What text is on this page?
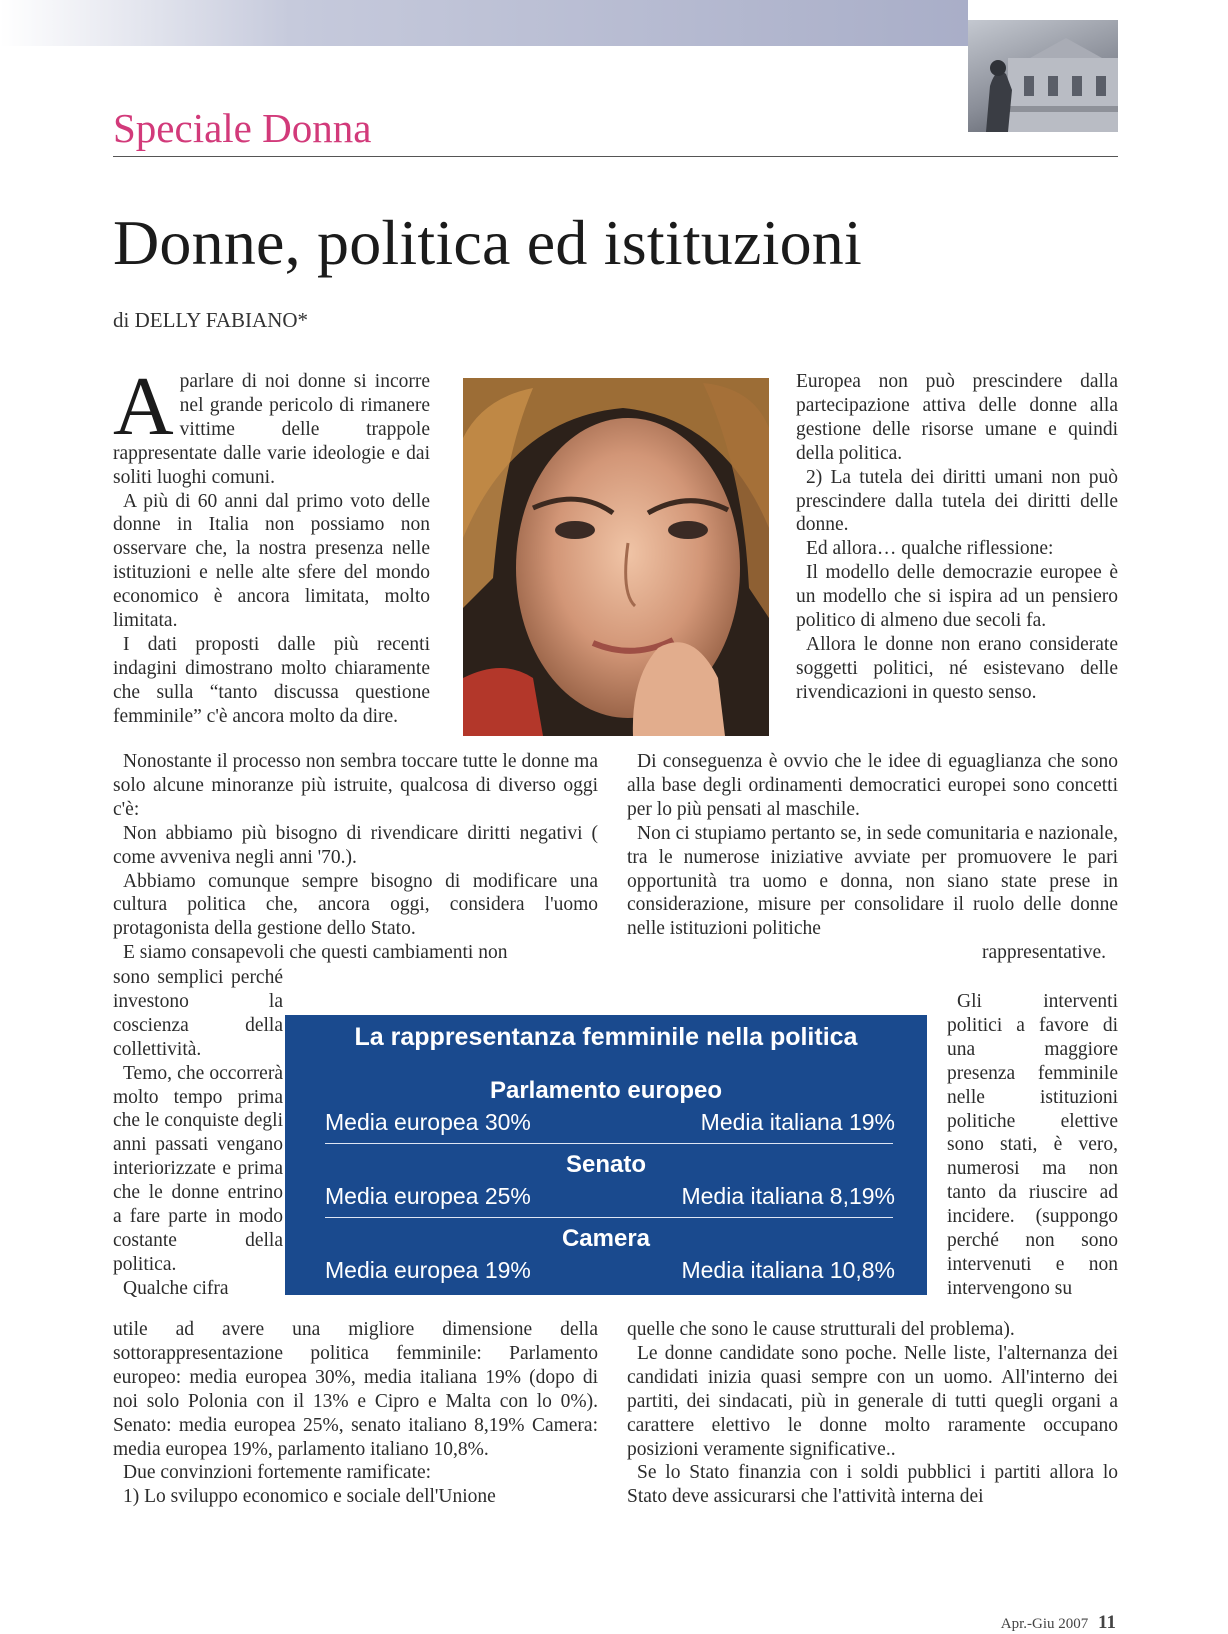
Speciale Donna
Donne, politica ed istituzioni
di DELLY FABIANO*
A parlare di noi donne si incorre nel grande pericolo di rimanere vittime delle trappole rappresentate dalle varie ideologie e dai soliti luoghi comuni.
A più di 60 anni dal primo voto delle donne in Italia non possiamo non osservare che, la nostra presenza nelle istituzioni e nelle alte sfere del mondo economico è ancora limitata, molto limitata.
I dati proposti dalle più recenti indagini dimostrano molto chiaramente che sulla “tanto discussa questione femminile” c'è ancora molto da dire.
Europea non può prescindere dalla partecipazione attiva delle donne alla gestione delle risorse umane e quindi della politica.
2) La tutela dei diritti umani non può prescindere dalla tutela dei diritti delle donne.
Ed allora… qualche riflessione:
Il modello delle democrazie europee è un modello che si ispira ad un pensiero politico di almeno due secoli fa.
Allora le donne non erano considerate soggetti politici, né esistevano delle rivendicazioni in questo senso.
Nonostante il processo non sembra toccare tutte le donne ma solo alcune minoranze più istruite, qualcosa di diverso oggi c'è:
Non abbiamo più bisogno di rivendicare diritti negativi ( come avveniva negli anni '70.).
Abbiamo comunque sempre bisogno di modificare una cultura politica che, ancora oggi, considera l'uomo protagonista della gestione dello Stato.
E siamo consapevoli che questi cambiamenti non
Di conseguenza è ovvio che le idee di eguaglianza che sono alla base degli ordinamenti democratici europei sono concetti per lo più pensati al maschile.
Non ci stupiamo pertanto se, in sede comunitaria e nazionale, tra le numerose iniziative avviate per promuovere le pari opportunità tra uomo e donna, non siano state prese in considerazione, misure per consolidare il ruolo delle donne nelle istituzioni politiche
rappresentative.
sono semplici perché investono la coscienza della collettività.
Temo, che occorrerà molto tempo prima che le conquiste degli anni passati vengano interiorizzate e prima che le donne entrino a fare parte in modo costante della politica.
Qualche cifra
Gli interventi politici a favore di una maggiore presenza femminile nelle istituzioni politiche elettive sono stati, è vero, numerosi ma non tanto da riuscire ad incidere. (suppongo perché non sono intervenuti e non intervengono su
La rappresentanza femminile nella politica
Parlamento europeo
Media europea 30%	Media italiana 19%
Senato
Media europea 25%	Media italiana 8,19%
Camera
Media europea 19%	Media italiana 10,8%
utile ad avere una migliore dimensione della sottorappresentazione politica femminile: Parlamento europeo: media europea 30%, media italiana 19% (dopo di noi solo Polonia con il 13% e Cipro e Malta con lo 0%). Senato: media europea 25%, senato italiano 8,19% Camera: media europea 19%, parlamento italiano 10,8%.
Due convinzioni fortemente ramificate:
1) Lo sviluppo economico e sociale dell'Unione
quelle che sono le cause strutturali del problema).
Le donne candidate sono poche. Nelle liste, l'alternanza dei candidati inizia quasi sempre con un uomo. All'interno dei partiti, dei sindacati, più in generale di tutti quegli organi a carattere elettivo le donne molto raramente occupano posizioni veramente significative..
Se lo Stato finanzia con i soldi pubblici i partiti allora lo Stato deve assicurarsi che l'attività interna dei
Apr.-Giu 2007 11
